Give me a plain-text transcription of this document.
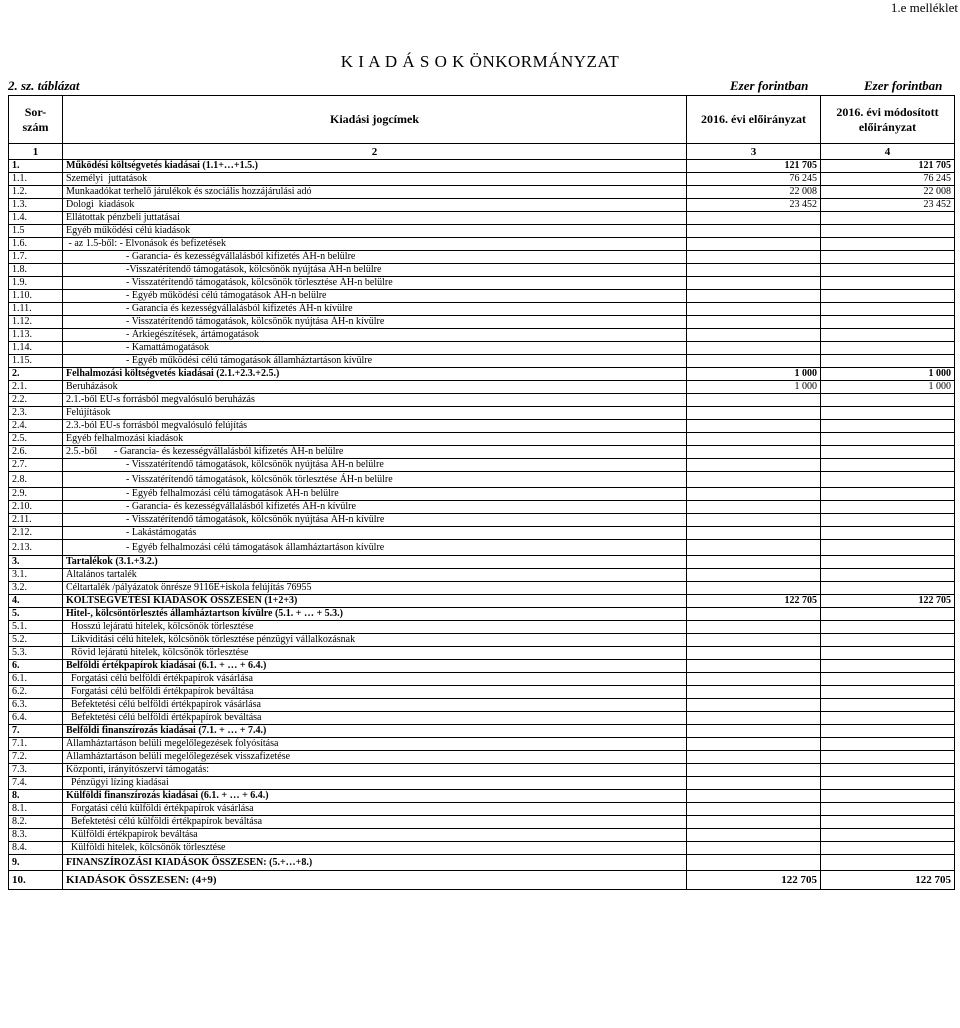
1.e melléklet
K I A D Á S O K ÖNKORMÁNYZAT
2. sz. táblázat	Ezer forintban	Ezer forintban
Sor-
szám	Kiadási jogcímek	2016. évi előirányzat	2016. évi módosított előirányzat
1	2	3	4
1.	Működési költségvetés kiadásai (1.1+…+1.5.)	121 705	121 705
1.1.	Személyi  juttatások	76 245	76 245
1.2.	Munkaadókat terhelő járulékok és szociális hozzájárulási adó	22 008	22 008
1.3.	Dologi  kiadások	23 452	23 452
1.4.	Ellátottak pénzbeli juttatásai		
1.5	Egyéb működési célú kiadások		
1.6.	- az 1.5-ből: - Elvonások és befizetések		
1.7.	- Garancia- és kezességvállalásból kifizetés ÁH-n belülre		
1.8.	-Visszatérítendő támogatások, kölcsönök nyújtása ÁH-n belülre		
1.9.	- Visszatérítendő támogatások, kölcsönök törlesztése ÁH-n belülre		
1.10.	- Egyéb működési célú támogatások ÁH-n belülre		
1.11.	- Garancia és kezességvállalásból kifizetés ÁH-n kívülre		
1.12.	- Visszatérítendő támogatások, kölcsönök nyújtása ÁH-n kívülre		
1.13.	- Árkiegészítések, ártámogatások		
1.14.	- Kamattámogatások		
1.15.	- Egyéb működési célú támogatások államháztartáson kívülre		
2.	Felhalmozási költségvetés kiadásai (2.1.+2.3.+2.5.)	1 000	1 000
2.1.	Beruházások	1 000	1 000
2.2.	2.1.-ből EU-s forrásból megvalósuló beruházás		
2.3.	Felújítások		
2.4.	2.3.-ból EU-s forrásból megvalósuló felújítás		
2.5.	Egyéb felhalmozási kiadások		
2.6.	2.5.-ből - Garancia- és kezességvállalásból kifizetés ÁH-n belülre		
2.7.	- Visszatérítendő támogatások, kölcsönök nyújtása ÁH-n belülre		
2.8.	- Visszatérítendő támogatások, kölcsönök törlesztése ÁH-n belülre		
2.9.	- Egyéb felhalmozási célú támogatások ÁH-n belülre		
2.10.	- Garancia- és kezességvállalásból kifizetés ÁH-n kívülre		
2.11.	- Visszatérítendő támogatások, kölcsönök nyújtása ÁH-n kívülre		
2.12.	- Lakástámogatás		
2.13.	- Egyéb felhalmozási célú támogatások államháztartáson kívülre		
3.	Tartalékok (3.1.+3.2.)		
3.1.	Általános tartalék		
3.2.	Céltartalék /pályázatok önrésze 9116E+iskola felújítás 76955		
4.	KÖLTSÉGVETÉSI KIADÁSOK ÖSSZESEN (1+2+3)	122 705	122 705
5.	Hitel-, kölcsöntörlesztés államháztartson kívülre (5.1. + … + 5.3.)		
5.1.	Hosszú lejáratú hitelek, kölcsönök törlesztése		
5.2.	Likviditási célú hitelek, kölcsönök törlesztése pénzügyi vállalkozásnak		
5.3.	Rövid lejáratú hitelek, kölcsönök törlesztése		
6.	Belföldi értékpapírok kiadásai (6.1. + … + 6.4.)		
6.1.	Forgatási célú belföldi értékpapírok vásárlása		
6.2.	Forgatási célú belföldi értékpapírok beváltása		
6.3.	Befektetési célú belföldi értékpapírok vásárlása		
6.4.	Befektetési célú belföldi értékpapírok beváltása		
7.	Belföldi finanszírozás kiadásai (7.1. + … + 7.4.)		
7.1.	Államháztartáson belüli megelőlegezések folyósítása		
7.2.	Államháztartáson belüli megelőlegezések visszafizetése		
7.3.	Központi, irányítószervi támogatás:		
7.4.	Pénzügyi lízing kiadásai		
8.	Külföldi finanszírozás kiadásai (6.1. + … + 6.4.)		
8.1.	Forgatási célú külföldi értékpapírok vásárlása		
8.2.	Befektetési célú külföldi értékpapírok beváltása		
8.3.	Külföldi értékpapírok beváltása		
8.4.	Külföldi hitelek, kölcsönök törlesztése		
9.	FINANSZÍROZÁSI KIADÁSOK ÖSSZESEN: (5.+…+8.)		
10.	KIADÁSOK ÖSSZESEN: (4+9)	122 705	122 705
